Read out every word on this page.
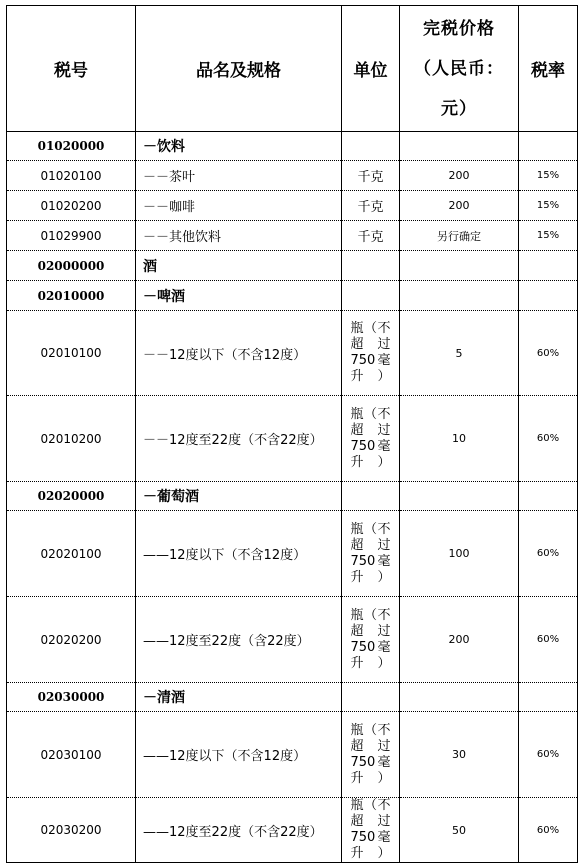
税号	品名及规格	单位	完税价格（人民币：元）	税率
01020000	－饮料			
01020100	－－茶叶	千克	200	15%
01020200	－－咖啡	千克	200	15%
01029900	－－其他饮料	千克	另行确定	15%
02000000	酒			
02010000	－啤酒			
02010100	－－12度以下（不含12度）	瓶（不超过750毫升）	5	60%
02010200	－－12度至22度（不含22度）	瓶（不超过750毫升）	10	60%
02020000	－葡萄酒			
02020100	——12度以下（不含12度）	瓶（不超过750毫升）	100	60%
02020200	——12度至22度（含22度）	瓶（不超过750毫升）	200	60%
02030000	－清酒			
02030100	——12度以下（不含12度）	瓶（不超过750毫升）	30	60%
02030200	——12度至22度（不含22度）	瓶（不超过750毫升）	50	60%
